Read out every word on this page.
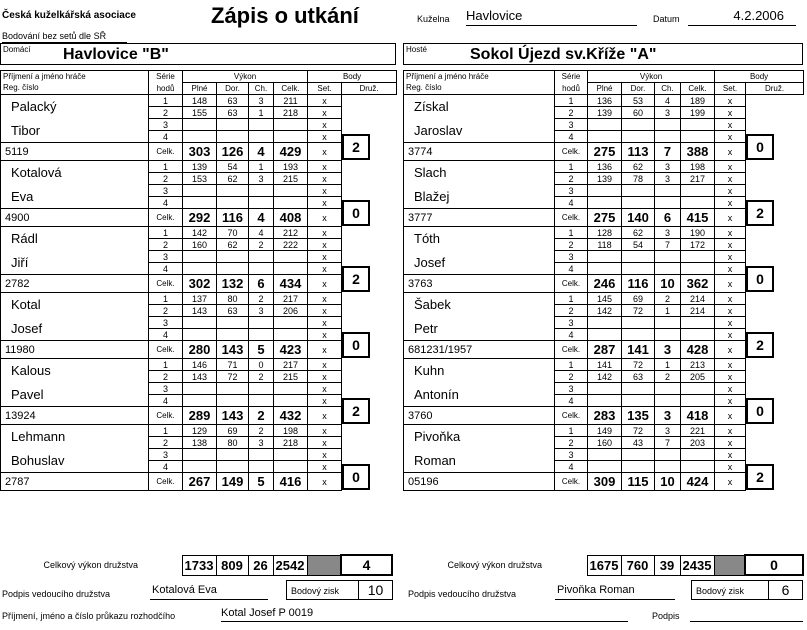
Česká kuželkářská asociace	Zápis o utkání	Kuželna Havlovice	Datum	4.2.2006
Bodování bez setů dle SŘ
Domácí Havlovice "B"	Hosté	Sokol Újezd sv.Kříže "A"
Příjmení a jméno hráče	Série	Výkon				Body	
Reg. číslo	hodů	Plné	Dor.	Ch.	Celk.	Set.	Druž.
Palacký	1	148	63	3	211	x	
	2	155	63	1	218	x	
Tibor	3					x	
	4					x	2
5119	Celk.	303	126	4	429	x	
Kotalová	1	139	54	1	193	x	
	2	153	62	3	215	x	
Eva	3					x	
	4					x	0
4900	Celk.	292	116	4	408	x	
Rádl	1	142	70	4	212	x	
	2	160	62	2	222	x	
Jiří	3					x	
	4					x	2
2782	Celk.	302	132	6	434	x	
Kotal	1	137	80	2	217	x	
	2	143	63	3	206	x	
Josef	3					x	
	4					x	0
11980	Celk.	280	143	5	423	x	
Kalous	1	146	71	0	217	x	
	2	143	72	2	215	x	
Pavel	3					x	
	4					x	2
13924	Celk.	289	143	2	432	x	
Lehmann	1	129	69	2	198	x	
	2	138	80	3	218	x	
Bohuslav	3					x	
	4					x	0
2787	Celk.	267	149	5	416	x	
Příjmení a jméno hráče	Série	Výkon				Body	
Reg. číslo	hodů	Plné	Dor.	Ch.	Celk.	Set.	Druž.
Získal	1	136	53	4	189	x	
	2	139	60	3	199	x	
Jaroslav	3					x	
	4					x	0
3774	Celk.	275	113	7	388	x	
Slach	1	136	62	3	198	x	
	2	139	78	3	217	x	
Blažej	3					x	
	4					x	2
3777	Celk.	275	140	6	415	x	
Tóth	1	128	62	3	190	x	
	2	118	54	7	172	x	
Josef	3					x	
	4					x	0
3763	Celk.	246	116	10	362	x	
Šabek	1	145	69	2	214	x	
	2	142	72	1	214	x	
Petr	3					x	
	4					x	2
681231/1957	Celk.	287	141	3	428	x	
Kuhn	1	141	72	1	213	x	
	2	142	63	2	205	x	
Antonín	3					x	
	4					x	0
3760	Celk.	283	135	3	418	x	
Pivoňka	1	149	72	3	221	x	
	2	160	43	7	203	x	
Roman	3					x	
	4					x	2
05196	Celk.	309	115	10	424	x	
Celkový výkon družstva	1733	809	26	2542		4	Celkový výkon družstva	1675	760	39	2435		0
Podpis vedoucího družstva	Kotalová Eva	Bodový zisk	10	Podpis vedoucího družstva	Pivoňka Roman	Bodový zisk	6
Příjmení, jméno a číslo průkazu rozhodčího	Kotal Josef P 0019	Podpis
